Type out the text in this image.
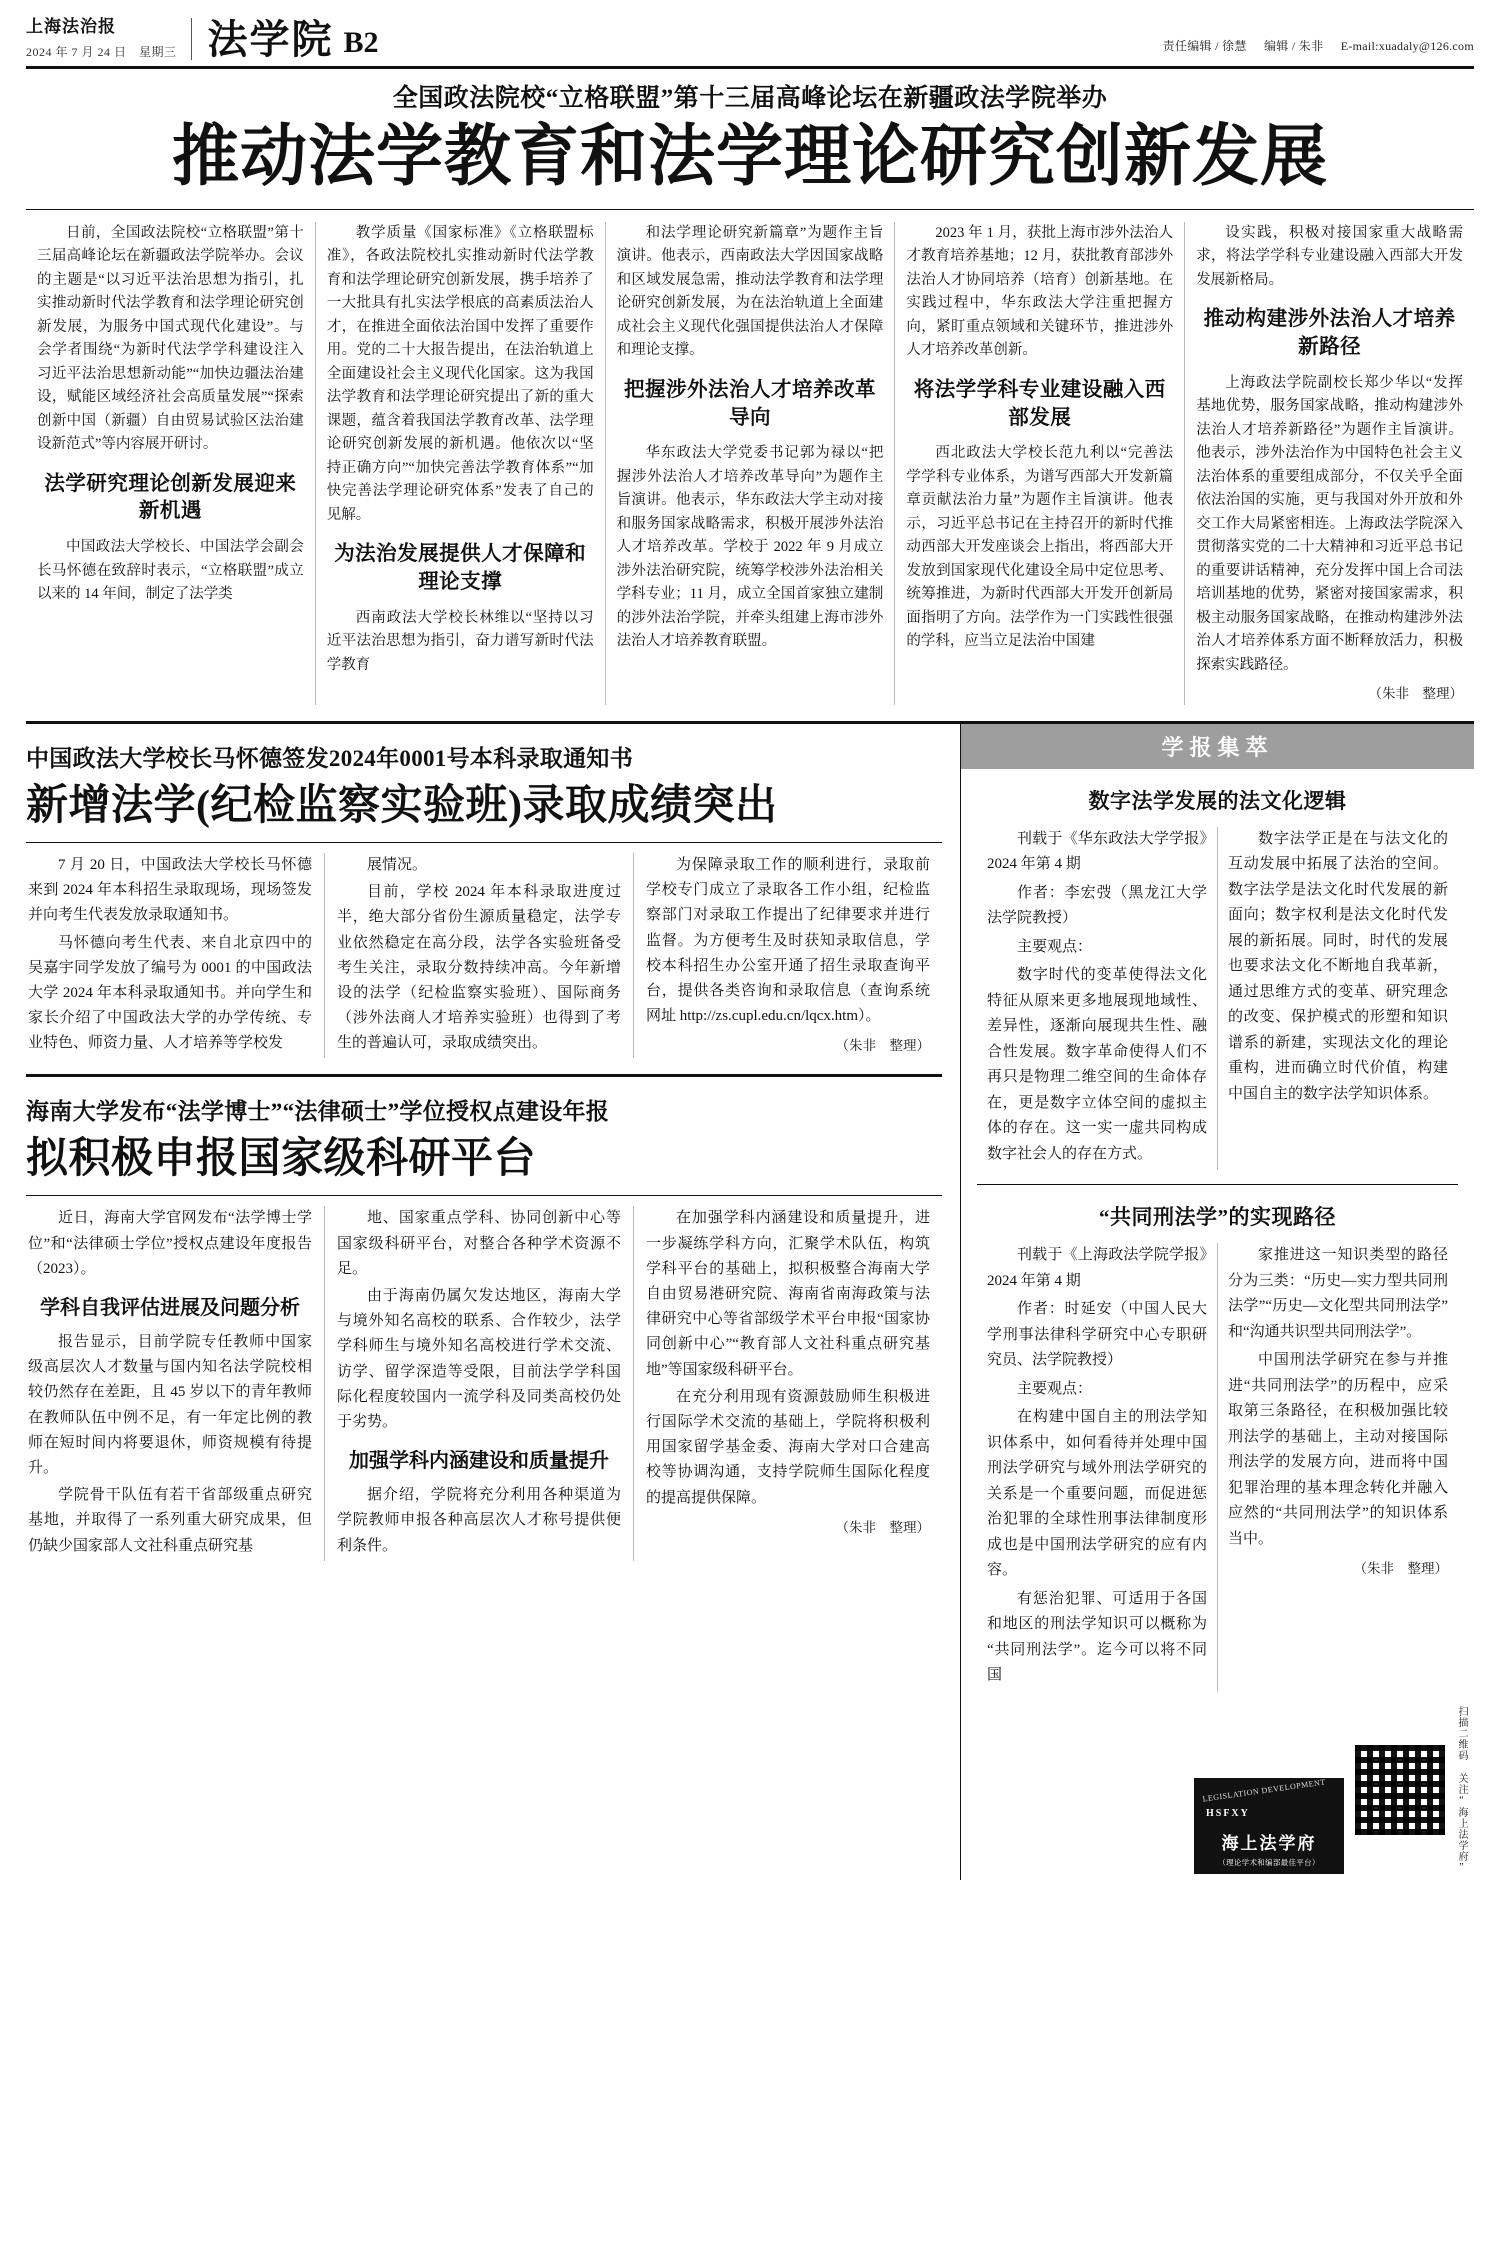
上海法治报
2024 年 7 月 24 日　星期三 法学院 B2	责任编辑 / 徐慧 编辑 / 朱非 E-mail:xuadaly@126.com
全国政法院校“立格联盟”第十三届高峰论坛在新疆政法学院举办
推动法学教育和法学理论研究创新发展

日前，全国政法院校“立格联盟”第十三届高峰论坛在新疆政法学院举办。会议的主题是“以习近平法治思想为指引，扎实推动新时代法学教育和法学理论研究创新发展，为服务中国式现代化建设”。与会学者围绕“为新时代法学学科建设注入习近平法治思想新动能”“加快边疆法治建设，赋能区域经济社会高质量发展”“探索创新中国（新疆）自由贸易试验区法治建设新范式”等内容展开研讨。

法学研究理论创新发展迎来新机遇

中国政法大学校长、中国法学会副会长马怀德在致辞时表示，“立格联盟”成立以来的 14 年间，制定了法学类

教学质量《国家标准》《立格联盟标准》，各政法院校扎实推动新时代法学教育和法学理论研究创新发展，携手培养了一大批具有扎实法学根底的高素质法治人才，在推进全面依法治国中发挥了重要作用。党的二十大报告提出，在法治轨道上全面建设社会主义现代化国家。这为我国法学教育和法学理论研究提出了新的重大课题，蕴含着我国法学教育改革、法学理论研究创新发展的新机遇。他依次以“坚持正确方向”“加快完善法学教育体系”“加快完善法学理论研究体系”发表了自己的见解。

为法治发展提供人才保障和理论支撑

西南政法大学校长林维以“坚持以习近平法治思想为指引，奋力谱写新时代法学教育

和法学理论研究新篇章”为题作主旨演讲。他表示，西南政法大学因国家战略和区域发展急需，推动法学教育和法学理论研究创新发展，为在法治轨道上全面建成社会主义现代化强国提供法治人才保障和理论支撑。

把握涉外法治人才培养改革导向

华东政法大学党委书记郭为禄以“把握涉外法治人才培养改革导向”为题作主旨演讲。他表示，华东政法大学主动对接和服务国家战略需求，积极开展涉外法治人才培养改革。学校于 2022 年 9 月成立涉外法治研究院，统筹学校涉外法治相关学科专业；11 月，成立全国首家独立建制的涉外法治学院，并牵头组建上海市涉外法治人才培养教育联盟。

2023 年 1 月，获批上海市涉外法治人才教育培养基地；12 月，获批教育部涉外法治人才协同培养（培育）创新基地。在实践过程中，华东政法大学注重把握方向，紧盯重点领域和关键环节，推进涉外人才培养改革创新。

将法学学科专业建设融入西部发展

西北政法大学校长范九利以“完善法学学科专业体系，为谱写西部大开发新篇章贡献法治力量”为题作主旨演讲。他表示，习近平总书记在主持召开的新时代推动西部大开发座谈会上指出，将西部大开发放到国家现代化建设全局中定位思考、统筹推进，为新时代西部大开发开创新局面指明了方向。法学作为一门实践性很强的学科，应当立足法治中国建

设实践，积极对接国家重大战略需求，将法学学科专业建设融入西部大开发发展新格局。

推动构建涉外法治人才培养新路径

上海政法学院副校长郑少华以“发挥基地优势，服务国家战略，推动构建涉外法治人才培养新路径”为题作主旨演讲。他表示，涉外法治作为中国特色社会主义法治体系的重要组成部分，不仅关乎全面依法治国的实施，更与我国对外开放和外交工作大局紧密相连。上海政法学院深入贯彻落实党的二十大精神和习近平总书记的重要讲话精神，充分发挥中国上合司法培训基地的优势，紧密对接国家需求，积极主动服务国家战略，在推动构建涉外法治人才培养体系方面不断释放活力，积极探索实践路径。

（朱非　整理）
中国政法大学校长马怀德签发2024年0001号本科录取通知书
新增法学(纪检监察实验班)录取成绩突出

7 月 20 日，中国政法大学校长马怀德来到 2024 年本科招生录取现场，现场签发并向考生代表发放录取通知书。

马怀德向考生代表、来自北京四中的吴嘉宇同学发放了编号为 0001 的中国政法大学 2024 年本科录取通知书。并向学生和家长介绍了中国政法大学的办学传统、专业特色、师资力量、人才培养等学校发

展情况。

目前，学校 2024 年本科录取进度过半，绝大部分省份生源质量稳定，法学专业依然稳定在高分段，法学各实验班备受考生关注，录取分数持续冲高。今年新增设的法学（纪检监察实验班）、国际商务（涉外法商人才培养实验班）也得到了考生的普遍认可，录取成绩突出。

为保障录取工作的顺利进行，录取前学校专门成立了录取各工作小组，纪检监察部门对录取工作提出了纪律要求并进行监督。为方便考生及时获知录取信息，学校本科招生办公室开通了招生录取查询平台，提供各类咨询和录取信息（查询系统网址 http://zs.cupl.edu.cn/lqcx.htm）。

（朱非　整理）
海南大学发布“法学博士”“法律硕士”学位授权点建设年报
拟积极申报国家级科研平台

近日，海南大学官网发布“法学博士学位”和“法律硕士学位”授权点建设年度报告（2023）。

学科自我评估进展及问题分析

报告显示，目前学院专任教师中国家级高层次人才数量与国内知名法学院校相较仍然存在差距，且 45 岁以下的青年教师在教师队伍中例不足，有一年定比例的教师在短时间内将要退休，师资规模有待提升。

学院骨干队伍有若干省部级重点研究基地，并取得了一系列重大研究成果，但仍缺少国家部人文社科重点研究基

地、国家重点学科、协同创新中心等国家级科研平台，对整合各种学术资源不足。

由于海南仍属欠发达地区，海南大学与境外知名高校的联系、合作较少，法学学科师生与境外知名高校进行学术交流、访学、留学深造等受限，目前法学学科国际化程度较国内一流学科及同类高校仍处于劣势。

加强学科内涵建设和质量提升

据介绍，学院将充分利用各种渠道为学院教师申报各种高层次人才称号提供便利条件。

在加强学科内涵建设和质量提升，进一步凝练学科方向，汇聚学术队伍，构筑学科平台的基础上，拟积极整合海南大学自由贸易港研究院、海南省南海政策与法律研究中心等省部级学术平台申报“国家协同创新中心”“教育部人文社科重点研究基地”等国家级科研平台。

在充分利用现有资源鼓励师生积极进行国际学术交流的基础上，学院将积极利用国家留学基金委、海南大学对口合建高校等协调沟通，支持学院师生国际化程度的提高提供保障。

（朱非　整理）
学报集萃
数字法学发展的法文化逻辑

刊载于《华东政法大学学报》2024 年第 4 期

作者：李宏弢（黑龙江大学法学院教授）

主要观点：

数字时代的变革使得法文化特征从原来更多地展现地域性、差异性，逐渐向展现共生性、融合性发展。数字革命使得人们不再只是物理二维空间的生命体存在，更是数字立体空间的虚拟主体的存在。这一实一虚共同构成数字社会人的存在方式。

数字法学正是在与法文化的互动发展中拓展了法治的空间。数字法学是法文化时代发展的新面向；数字权利是法文化时代发展的新拓展。同时，时代的发展也要求法文化不断地自我革新，通过思维方式的变革、研究理念的改变、保护模式的形塑和知识谱系的新建，实现法文化的理论重构，进而确立时代价值，构建中国自主的数字法学知识体系。

“共同刑法学”的实现路径

刊载于《上海政法学院学报》2024 年第 4 期

作者：时延安（中国人民大学刑事法律科学研究中心专职研究员、法学院教授）

主要观点：

在构建中国自主的刑法学知识体系中，如何看待并处理中国刑法学研究与域外刑法学研究的关系是一个重要问题，而促进惩治犯罪的全球性刑事法律制度形成也是中国刑法学研究的应有内容。

有惩治犯罪、可适用于各国和地区的刑法学知识可以概称为“共同刑法学”。迄今可以将不同国

家推进这一知识类型的路径分为三类：“历史—实力型共同刑法学”“历史—文化型共同刑法学”和“沟通共识型共同刑法学”。

中国刑法学研究在参与并推进“共同刑法学”的历程中，应采取第三条路径，在积极加强比较刑法学的基础上，主动对接国际刑法学的发展方向，进而将中国犯罪治理的基本理念转化并融入应然的“共同刑法学”的知识体系当中。

（朱非　整理）
LEGISLATION DEVELOPMENT
HSFXY
海上法学府
（理论学术和编部最佳平台）	扫描二维码 关注“海上法学府”
